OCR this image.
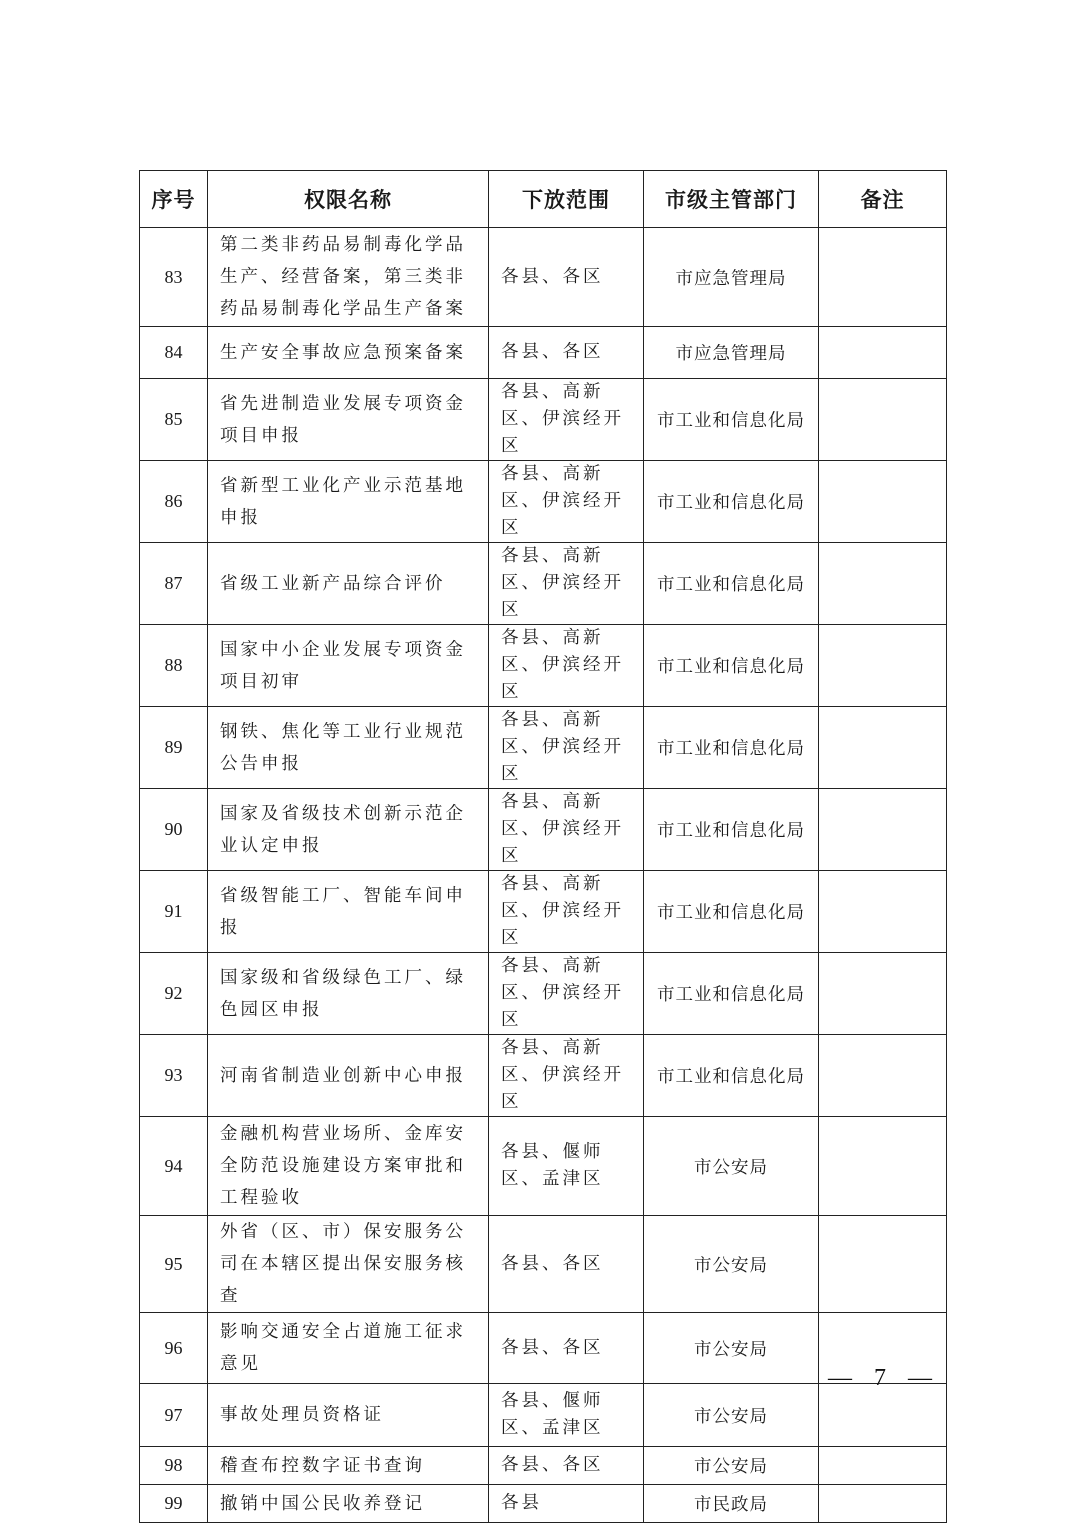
序号	权限名称	下放范围	市级主管部门	备注
83	第二类非药品易制毒化学品生产、经营备案，第三类非药品易制毒化学品生产备案	各县、各区	市应急管理局	
84	生产安全事故应急预案备案	各县、各区	市应急管理局	
85	省先进制造业发展专项资金项目申报	各县、高新区、伊滨经开区	市工业和信息化局	
86	省新型工业化产业示范基地申报	各县、高新区、伊滨经开区	市工业和信息化局	
87	省级工业新产品综合评价	各县、高新区、伊滨经开区	市工业和信息化局	
88	国家中小企业发展专项资金项目初审	各县、高新区、伊滨经开区	市工业和信息化局	
89	钢铁、焦化等工业行业规范公告申报	各县、高新区、伊滨经开区	市工业和信息化局	
90	国家及省级技术创新示范企业认定申报	各县、高新区、伊滨经开区	市工业和信息化局	
91	省级智能工厂、智能车间申报	各县、高新区、伊滨经开区	市工业和信息化局	
92	国家级和省级绿色工厂、绿色园区申报	各县、高新区、伊滨经开区	市工业和信息化局	
93	河南省制造业创新中心申报	各县、高新区、伊滨经开区	市工业和信息化局	
94	金融机构营业场所、金库安全防范设施建设方案审批和工程验收	各县、偃师区、孟津区	市公安局	
95	外省（区、市）保安服务公司在本辖区提出保安服务核查	各县、各区	市公安局	
96	影响交通安全占道施工征求意见	各县、各区	市公安局	
97	事故处理员资格证	各县、偃师区、孟津区	市公安局	
98	稽查布控数字证书查询	各县、各区	市公安局	
99	撤销中国公民收养登记	各县	市民政局	
— 7 —
